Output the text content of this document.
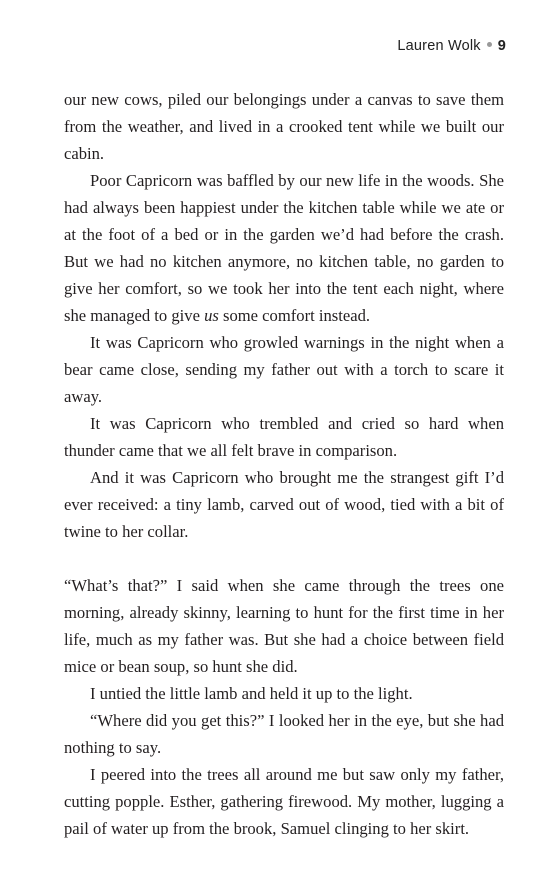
Lauren Wolk 9

our new cows, piled our belongings under a canvas to save them from the weather, and lived in a crooked tent while we built our cabin.

Poor Capricorn was baffled by our new life in the woods. She had always been happiest under the kitchen table while we ate or at the foot of a bed or in the garden we’d had before the crash. But we had no kitchen anymore, no kitchen table, no garden to give her comfort, so we took her into the tent each night, where she managed to give us some comfort instead.

It was Capricorn who growled warnings in the night when a bear came close, sending my father out with a torch to scare it away.

It was Capricorn who trembled and cried so hard when thunder came that we all felt brave in comparison.

And it was Capricorn who brought me the strangest gift I’d ever received: a tiny lamb, carved out of wood, tied with a bit of twine to her collar.

“What’s that?” I said when she came through the trees one morning, already skinny, learning to hunt for the first time in her life, much as my father was. But she had a choice between field mice or bean soup, so hunt she did.

I untied the little lamb and held it up to the light.

“Where did you get this?” I looked her in the eye, but she had nothing to say.

I peered into the trees all around me but saw only my father, cutting popple. Esther, gathering firewood. My mother, lugging a pail of water up from the brook, Samuel clinging to her skirt.
